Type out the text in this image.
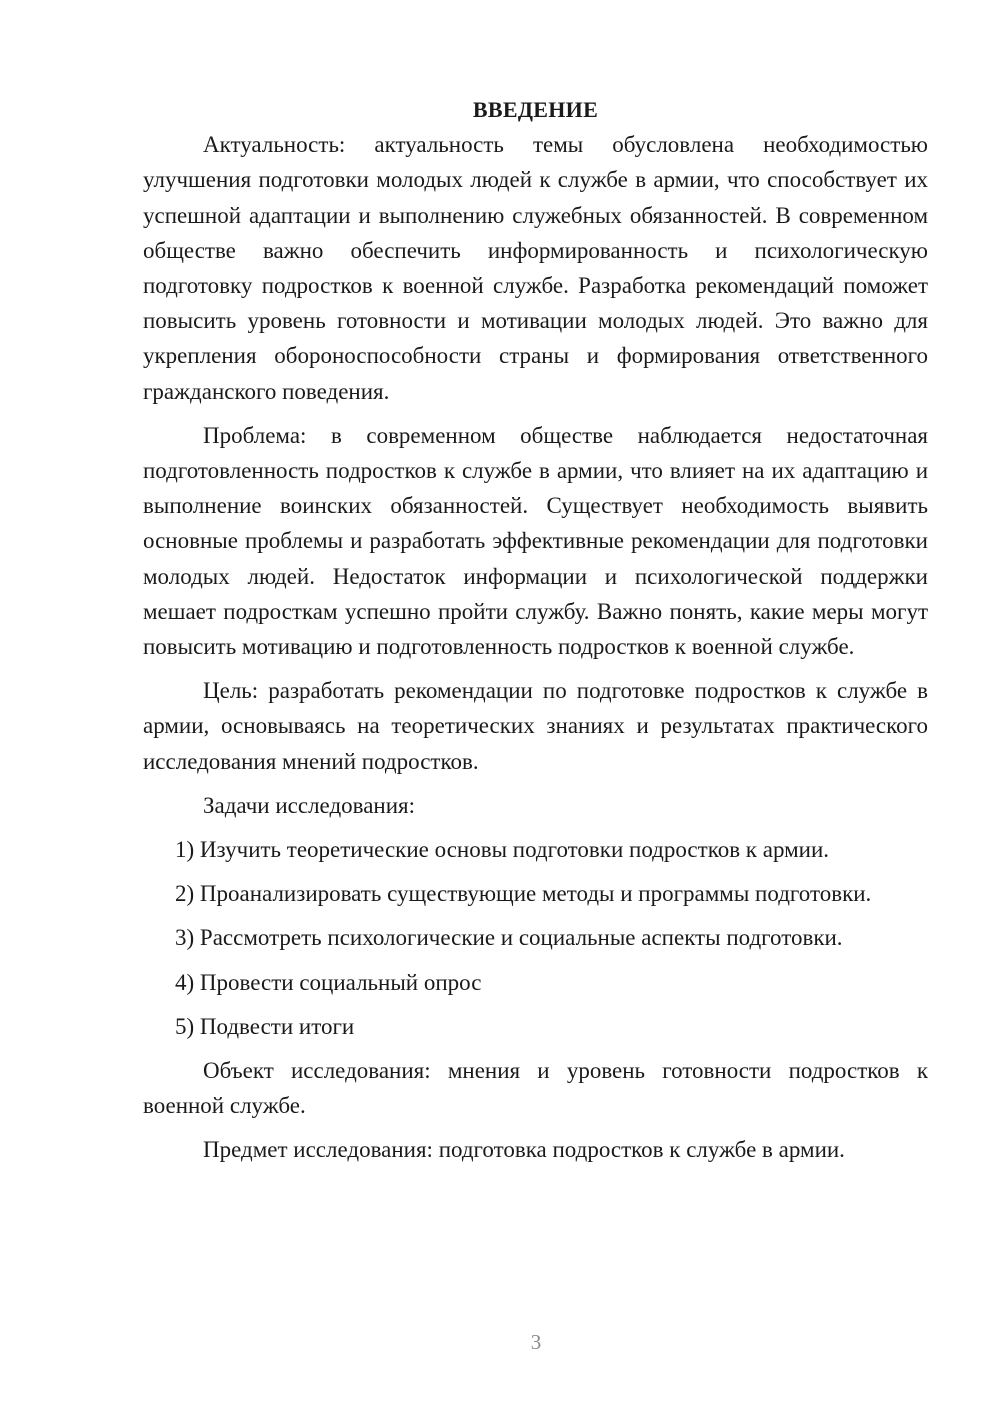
ВВЕДЕНИЕ

Актуальность: актуальность темы обусловлена необходимостью улучшения подготовки молодых людей к службе в армии, что способствует их успешной адаптации и выполнению служебных обязанностей. В современном обществе важно обеспечить информированность и психологическую подготовку подростков к военной службе. Разработка рекомендаций поможет повысить уровень готовности и мотивации молодых людей. Это важно для укрепления обороноспособности страны и формирования ответственного гражданского поведения.

Проблема: в современном обществе наблюдается недостаточная подготовленность подростков к службе в армии, что влияет на их адаптацию и выполнение воинских обязанностей. Существует необходимость выявить основные проблемы и разработать эффективные рекомендации для подготовки молодых людей. Недостаток информации и психологической поддержки мешает подросткам успешно пройти службу. Важно понять, какие меры могут повысить мотивацию и подготовленность подростков к военной службе.

Цель: разработать рекомендации по подготовке подростков к службе в армии, основываясь на теоретических знаниях и результатах практического исследования мнений подростков.

Задачи исследования:

1) Изучить теоретические основы подготовки подростков к армии.

2) Проанализировать существующие методы и программы подготовки.

3) Рассмотреть психологические и социальные аспекты подготовки.

4) Провести социальный опрос

5) Подвести итоги

Объект исследования: мнения и уровень готовности подростков к военной службе.

Предмет исследования: подготовка подростков к службе в армии.

3
